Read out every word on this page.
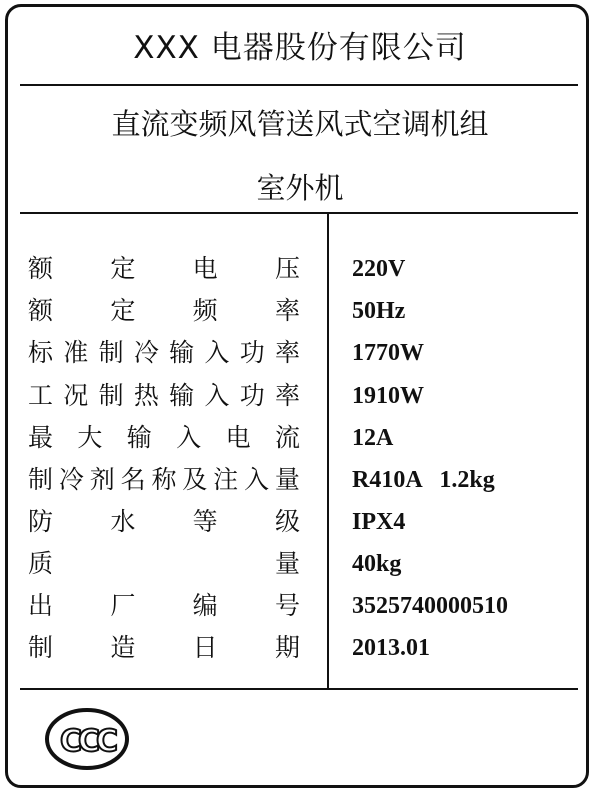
XXX 电器股份有限公司
直流变频风管送风式空调机组
室外机
额 定 电 压 220V
额 定 频 率 50Hz
标 准 制 冷 输 入 功 率 1770W
工 况 制 热 输 入 功 率 1910W
最 大 输 入 电 流 12A
制 冷 剂 名 称 及 注 入 量 R410A   1.2kg
防 水 等 级 IPX4
质	量 40kg
出 厂 编 号 3525740000510
制 造 日 期 2013.01
CCC
